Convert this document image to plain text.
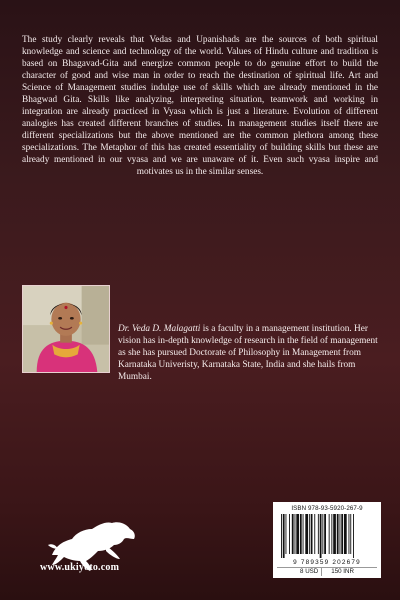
The study clearly reveals that Vedas and Upanishads are the sources of both spiritual knowledge and science and technology of the world. Values of Hindu culture and tradition is based on Bhagavad-Gita and energize common people to do genuine effort to build the character of good and wise man in order to reach the destination of spiritual life. Art and Science of Management studies indulge use of skills which are already mentioned in the Bhagwad Gita. Skills like analyzing, interpreting situation, teamwork and working in integration are already practiced in Vyasa which is just a literature. Evolution of different analogies has created different branches of studies. In management studies itself there are different specializations but the above mentioned are the common plethora among these specializations. The Metaphor of this has created essentiality of building skills but these are already mentioned in our vyasa and we are unaware of it. Even such vyasa inspire and motivates us in the similar senses.

Dr. Veda D. Malagatti is a faculty in a management institution. Her vision has in-depth knowledge of research in the field of management as she has pursued Doctorate of Philosophy in Management from Karnataka Univeristy, Karnataka State, India and she hails from Mumbai.

ISBN 978-93-5920-267-9
9 789359 202679
8 USD	150 INR
www.ukiyoto.com
